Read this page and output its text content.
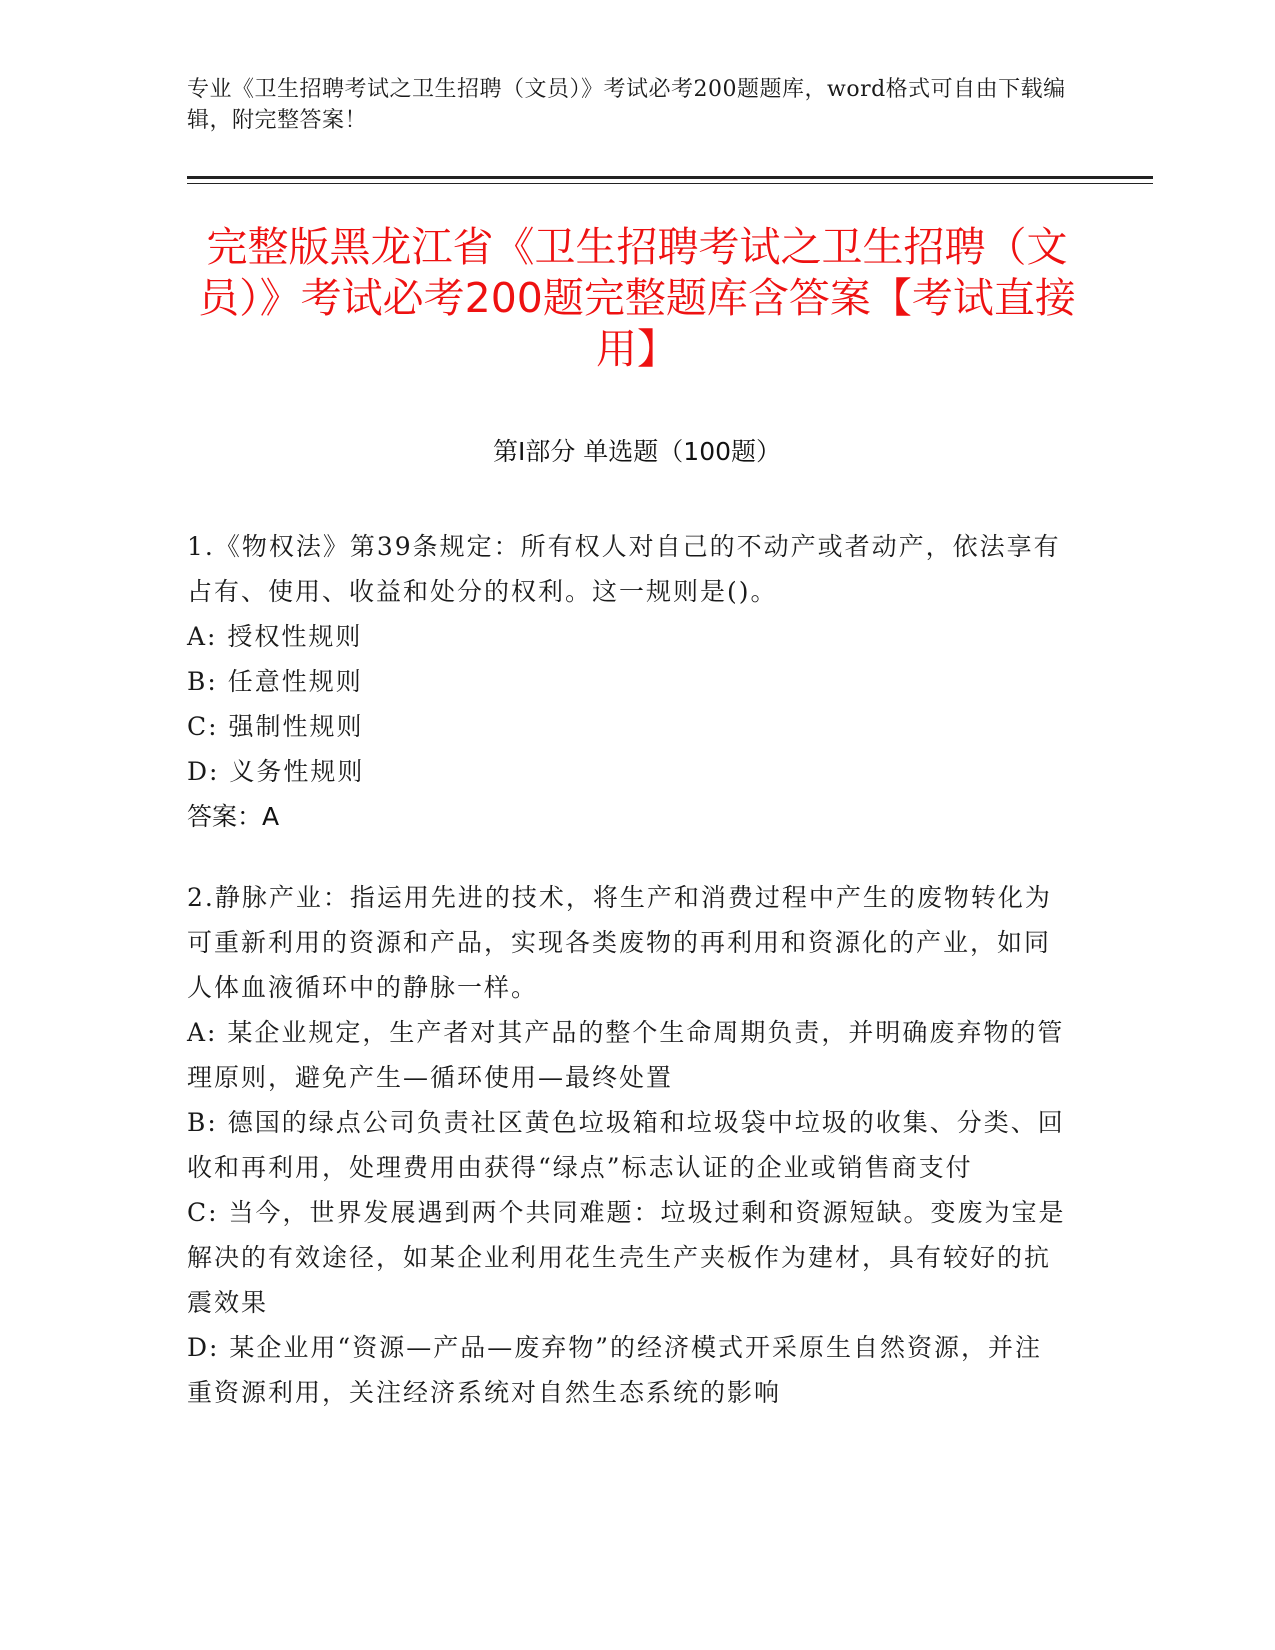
专业《卫生招聘考试之卫生招聘（文员）》考试必考200题题库，word格式可自由下载编辑，附完整答案！
完整版黑龙江省《卫生招聘考试之卫生招聘（文员）》考试必考200题完整题库含答案【考试直接用】
第I部分 单选题（100题）
1.《物权法》第39条规定：所有权人对自己的不动产或者动产，依法享有占有、使用、收益和处分的权利。这一规则是()。
A: 授权性规则
B: 任意性规则
C: 强制性规则
D: 义务性规则
答案：A
2.静脉产业：指运用先进的技术，将生产和消费过程中产生的废物转化为可重新利用的资源和产品，实现各类废物的再利用和资源化的产业，如同人体血液循环中的静脉一样。
A: 某企业规定，生产者对其产品的整个生命周期负责，并明确废弃物的管理原则，避免产生—循环使用—最终处置
B: 德国的绿点公司负责社区黄色垃圾箱和垃圾袋中垃圾的收集、分类、回收和再利用，处理费用由获得“绿点”标志认证的企业或销售商支付
C: 当今，世界发展遇到两个共同难题：垃圾过剩和资源短缺。变废为宝是解决的有效途径，如某企业利用花生壳生产夹板作为建材，具有较好的抗震效果
D: 某企业用“资源—产品—废弃物”的经济模式开采原生自然资源，并注重资源利用，关注经济系统对自然生态系统的影响
